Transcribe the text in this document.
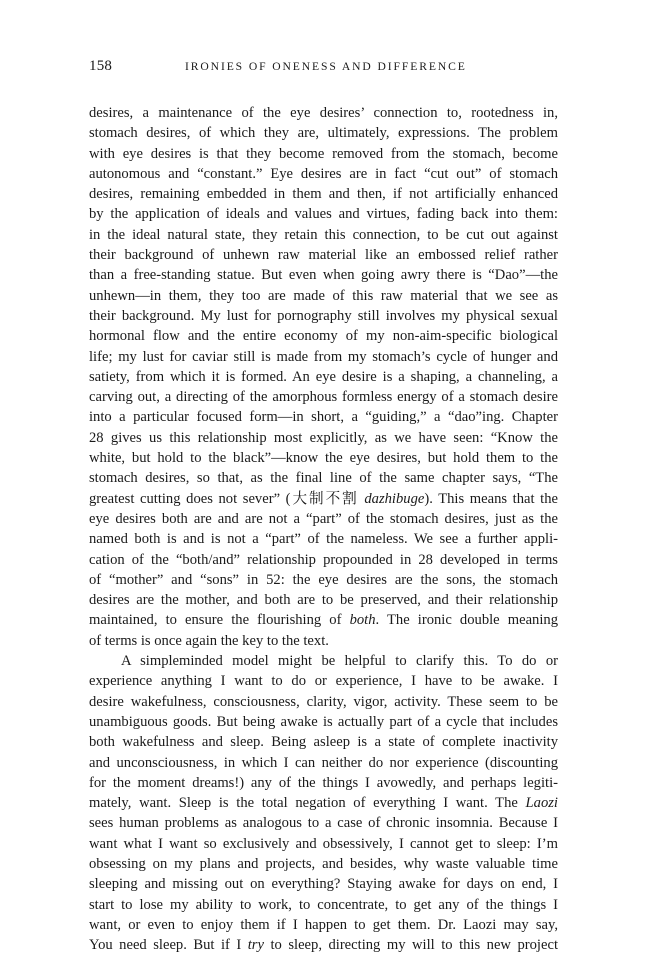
158	IRONIES OF ONENESS AND DIFFERENCE
desires, a maintenance of the eye desires’ connection to, rootedness in,
stomach desires, of which they are, ultimately, expressions. The problem
with eye desires is that they become removed from the stomach, become
autonomous and “constant.” Eye desires are in fact “cut out” of stomach
desires, remaining embedded in them and then, if not artificially enhanced
by the application of ideals and values and virtues, fading back into them:
in the ideal natural state, they retain this connection, to be cut out against
their background of unhewn raw material like an embossed relief rather
than a free-standing statue. But even when going awry there is “Dao”—the
unhewn—in them, they too are made of this raw material that we see as
their background. My lust for pornography still involves my physical sexual
hormonal flow and the entire economy of my non-aim-specific biological
life; my lust for caviar still is made from my stomach’s cycle of hunger and
satiety, from which it is formed. An eye desire is a shaping, a channeling, a
carving out, a directing of the amorphous formless energy of a stomach desire
into a particular focused form—in short, a “guiding,” a “dao”ing. Chapter
28 gives us this relationship most explicitly, as we have seen: “Know the
white, but hold to the black”—know the eye desires, but hold them to the
stomach desires, so that, as the final line of the same chapter says, “The
greatest cutting does not sever” (大制不割 dazhibuge). This means that the
eye desires both are and are not a “part” of the stomach desires, just as the
named both is and is not a “part” of the nameless. We see a further appli-
cation of the “both/and” relationship propounded in 28 developed in terms
of “mother” and “sons” in 52: the eye desires are the sons, the stomach
desires are the mother, and both are to be preserved, and their relationship
maintained, to ensure the flourishing of both. The ironic double meaning
of terms is once again the key to the text.
A simpleminded model might be helpful to clarify this. To do or
experience anything I want to do or experience, I have to be awake. I
desire wakefulness, consciousness, clarity, vigor, activity. These seem to be
unambiguous goods. But being awake is actually part of a cycle that includes
both wakefulness and sleep. Being asleep is a state of complete inactivity
and unconsciousness, in which I can neither do nor experience (discounting
for the moment dreams!) any of the things I avowedly, and perhaps legiti-
mately, want. Sleep is the total negation of everything I want. The Laozi
sees human problems as analogous to a case of chronic insomnia. Because I
want what I want so exclusively and obsessively, I cannot get to sleep: I’m
obsessing on my plans and projects, and besides, why waste valuable time
sleeping and missing out on everything? Staying awake for days on end, I
start to lose my ability to work, to concentrate, to get any of the things I
want, or even to enjoy them if I happen to get them. Dr. Laozi may say,
You need sleep. But if I try to sleep, directing my will to this new project
